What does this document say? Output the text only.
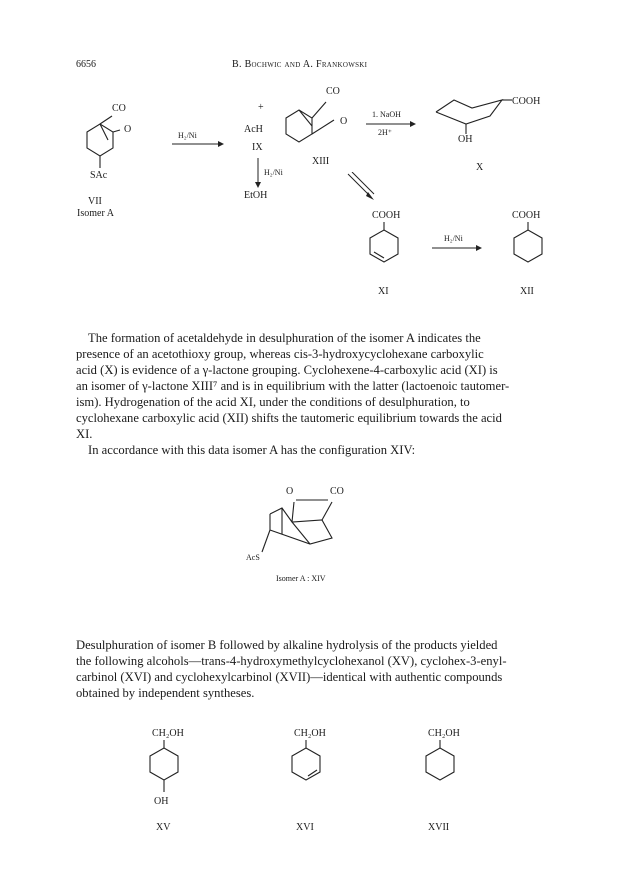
6656	B. Bochwic and A. Frankowski
CO
O
SAc
VII
Isomer A
H₂/Ni
+
AcH
IX
H₂/Ni
EtOH
CO
O
XIII
1. NaOH
2H⁺
COOH
OH
X
COOH
XI
H₂/Ni
COOH
XII
The formation of acetaldehyde in desulphuration of the isomer A indicates the
presence of an acetothioxy group, whereas cis-3-hydroxycyclohexane carboxylic
acid (X) is evidence of a γ-lactone grouping. Cyclohexene-4-carboxylic acid (XI) is
an isomer of γ-lactone XIII⁷ and is in equilibrium with the latter (lactoenoic tautomer-
ism). Hydrogenation of the acid XI, under the conditions of desulphuration, to
cyclohexane carboxylic acid (XII) shifts the tautomeric equilibrium towards the acid
XI.
In accordance with this data isomer A has the configuration XIV:
O	CO
AcS
Isomer A : XIV
Desulphuration of isomer B followed by alkaline hydrolysis of the products yielded
the following alcohols—trans-4-hydroxymethylcyclohexanol (XV), cyclohex-3-enyl-
carbinol (XVI) and cyclohexylcarbinol (XVII)—identical with authentic compounds
obtained by independent syntheses.
CH₂OH
OH
XV
CH₂OH
XVI
CH₂OH
XVII
